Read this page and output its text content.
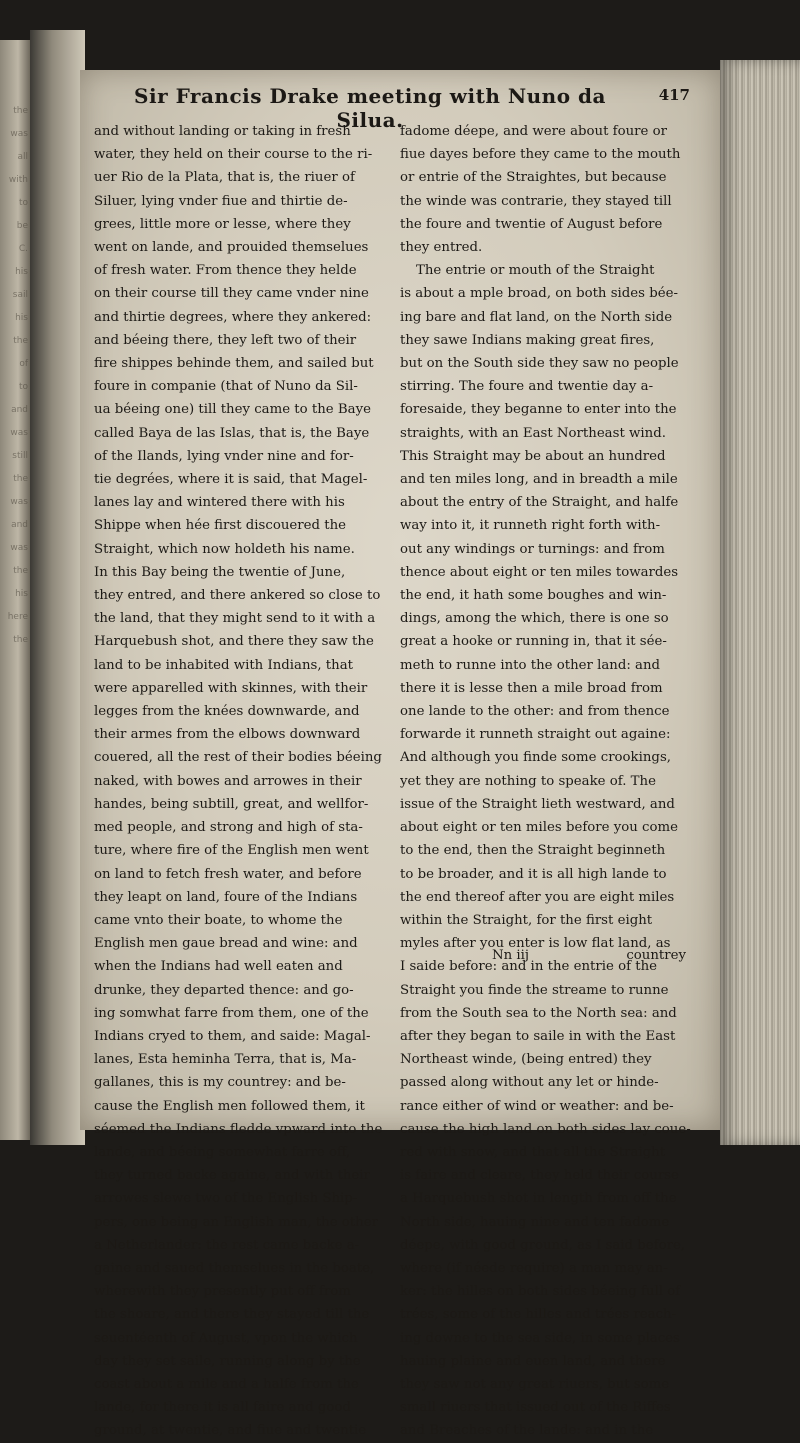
the
was
all
with
to
be
C.
his
sail
his
the
of
to
and
was
still
the
was
and
was
the
his
here
the
Sir Francis Drake meeting with Nuno da Silua.
417
and without landing or taking in fresh
water, they held on their course to the ri-
uer Rio de la Plata, that is, the riuer of
Siluer, lying vnder fiue and thirtie de-
grees, little more or lesse, where they
went on lande, and prouided themselues
of fresh water. From thence they helde
on their course till they came vnder nine
and thirtie degrees, where they ankered:
and béeing there, they left two of their
fire shippes behinde them, and sailed but
foure in companie (that of Nuno da Sil-
ua béeing one) till they came to the Baye
called Baya de las Islas, that is, the Baye
of the Ilands, lying vnder nine and for-
tie degrées, where it is said, that Magel-
lanes lay and wintered there with his
Shippe when hée first discouered the
Straight, which now holdeth his name.
In this Bay being the twentie of June,
they entred, and there ankered so close to
the land, that they might send to it with a
Harquebush shot, and there they saw the
land to be inhabited with Indians, that
were apparelled with skinnes, with their
legges from the knées downwarde, and
their armes from the elbows downward
couered, all the rest of their bodies béeing
naked, with bowes and arrowes in their
handes, being subtill, great, and wellfor-
med people, and strong and high of sta-
ture, where fire of the English men went
on land to fetch fresh water, and before
they leapt on land, foure of the Indians
came vnto their boate, to whome the
English men gaue bread and wine: and
when the Indians had well eaten and
drunke, they departed thence: and go-
ing somwhat farre from them, one of the
Indians cryed to them, and saide: Magal-
lanes, Esta heminha Terra, that is, Ma-
gallanes, this is my countrey: and be-
cause the English men followed them, it
séemed the Indians fledde vpward into the
lande, and béeing somewhat farre off,
they turned backe againe, and with their
arrowes slewe two of the English Ship-
pers, one being an English man, the other
a Netherlander: the rest came backe a-
gaine and saued themselues in the boate,
wherewith they presently put off from
the shoare, and there they stayed till the
seuentéenth of August, vpon the which
day they set saile, running along by the
coast about a mile and a halfe from the
lande, for there it is all faire and good
ground, at twentie, and fiue and twentie
fadome déepe, and were about foure or
fiue dayes before they came to the mouth
or entrie of the Straightes, but because
the winde was contrarie, they stayed till
the foure and twentie of August before
they entred.
The entrie or mouth of the Straight
is about a mple broad, on both sides bée-
ing bare and flat land, on the North side
they sawe Indians making great fires,
but on the South side they saw no people
stirring. The foure and twentie day a-
foresaide, they beganne to enter into the
straights, with an East Northeast wind.
This Straight may be about an hundred
and ten miles long, and in breadth a mile
about the entry of the Straight, and halfe
way into it, it runneth right forth with-
out any windings or turnings: and from
thence about eight or ten miles towardes
the end, it hath some boughes and win-
dings, among the which, there is one so
great a hooke or running in, that it sée-
meth to runne into the other land: and
there it is lesse then a mile broad from
one lande to the other: and from thence
forwarde it runneth straight out againe:
And although you finde some crookings,
yet they are nothing to speake of. The
issue of the Straight lieth westward, and
about eight or ten miles before you come
to the end, then the Straight beginneth
to be broader, and it is all high lande to
the end thereof after you are eight miles
within the Straight, for the first eight
myles after you enter is low flat land, as
I saide before: and in the entrie of the
Straight you finde the streame to runne
from the South sea to the North sea: and
after they began to saile in with the East
Northeast winde, (being entred) they
passed along without any let or hinde-
rance either of wind or weather: and be-
cause the high land on both sides lay coue-
red with snow, and that all the Straight
is faire and cleare, they held their course
a Harquebush shot in length from off the
North side, hauing nine and ten fadome
déepe, with good ground, as I said before,
where (if néede require) a man may an-
ker: the hilles on both sides béeing full of
trées, some of the hilles and trées reach-
ing downe to the sea side, in some places
hauing plaine and euen land, and there
they saw not any great riuers, but some
small riuers that issued out of the Riffes
and Breaches of the lande: and in the
Nn iij	countrey
